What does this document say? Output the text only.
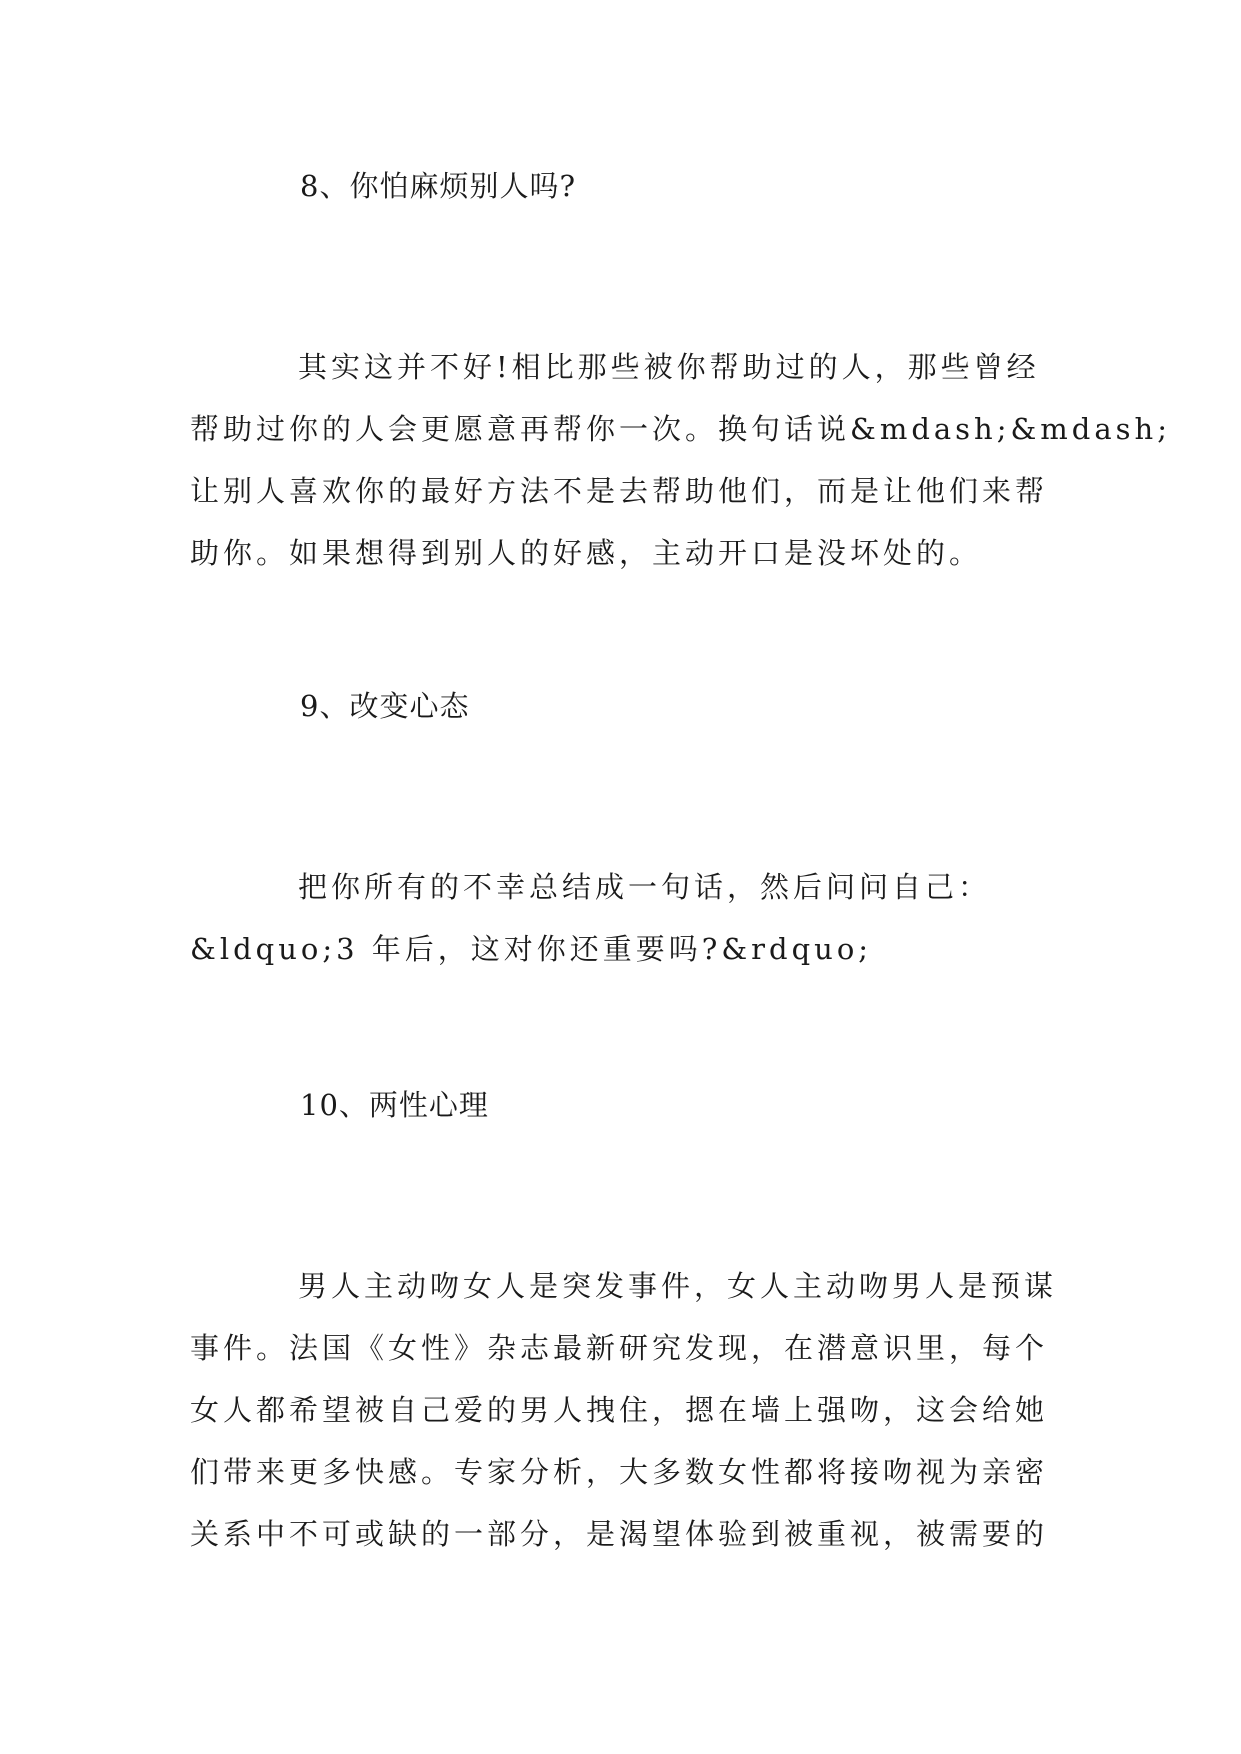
8、你怕麻烦别人吗?

其实这并不好!相比那些被你帮助过的人，那些曾经
帮助过你的人会更愿意再帮你一次。换句话说&mdash;&mdash;
让别人喜欢你的最好方法不是去帮助他们，而是让他们来帮
助你。如果想得到别人的好感，主动开口是没坏处的。

9、改变心态

把你所有的不幸总结成一句话，然后问问自己：
&ldquo;3 年后，这对你还重要吗?&rdquo;

10、两性心理

男人主动吻女人是突发事件，女人主动吻男人是预谋
事件。法国《女性》杂志最新研究发现，在潜意识里，每个
女人都希望被自己爱的男人拽住，摁在墙上强吻，这会给她
们带来更多快感。专家分析，大多数女性都将接吻视为亲密
关系中不可或缺的一部分，是渴望体验到被重视，被需要的
